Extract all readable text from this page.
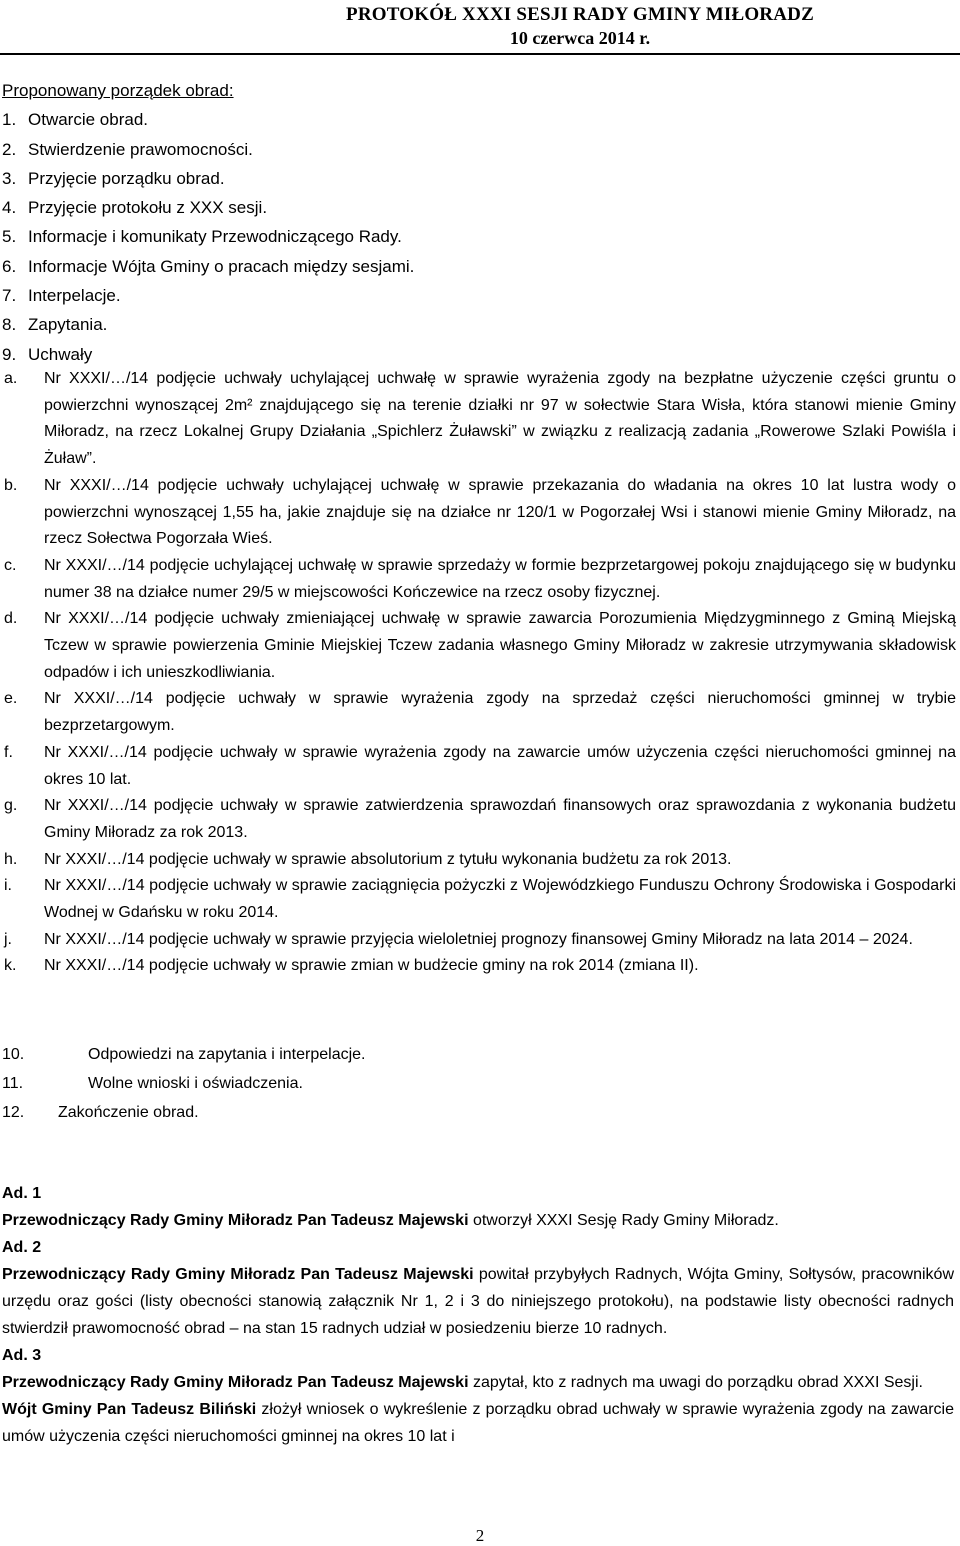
PROTOKÓŁ XXXI SESJI RADY GMINY MIŁORADZ
10 czerwca 2014 r.
Proponowany porządek obrad:
1. Otwarcie obrad.
2. Stwierdzenie prawomocności.
3. Przyjęcie porządku obrad.
4. Przyjęcie protokołu z XXX sesji.
5. Informacje i komunikaty Przewodniczącego Rady.
6. Informacje Wójta Gminy o pracach między sesjami.
7. Interpelacje.
8. Zapytania.
9. Uchwały
a.	Nr XXXI/…/14 podjęcie uchwały uchylającej uchwałę w sprawie wyrażenia zgody na bezpłatne użyczenie części gruntu o powierzchni wynoszącej 2m² znajdującego się na terenie działki nr 97 w sołectwie Stara Wisła, która stanowi mienie Gminy Miłoradz, na rzecz Lokalnej Grupy Działania „Spichlerz Żuławski” w związku z realizacją zadania „Rowerowe Szlaki Powiśla i Żuław”.
b.	Nr XXXI/…/14 podjęcie uchwały uchylającej uchwałę w sprawie przekazania do władania na okres 10 lat lustra wody o powierzchni wynoszącej 1,55 ha, jakie znajduje się na działce nr 120/1 w Pogorzałej Wsi i stanowi mienie Gminy Miłoradz, na rzecz Sołectwa Pogorzała Wieś.
c.	Nr XXXI/…/14 podjęcie uchylającej uchwałę w sprawie sprzedaży w formie bezprzetargowej pokoju znajdującego się w budynku numer 38 na działce numer 29/5 w miejscowości Kończewice na rzecz osoby fizycznej.
d.	Nr XXXI/…/14 podjęcie uchwały zmieniającej uchwałę w sprawie zawarcia Porozumienia Międzygminnego z Gminą Miejską Tczew w sprawie powierzenia Gminie Miejskiej Tczew zadania własnego Gminy Miłoradz w zakresie utrzymywania składowisk odpadów i ich unieszkodliwiania.
e.	Nr XXXI/…/14 podjęcie uchwały w sprawie wyrażenia zgody na sprzedaż części nieruchomości gminnej w trybie bezprzetargowym.
f.	Nr XXXI/…/14 podjęcie uchwały w sprawie wyrażenia zgody na zawarcie umów użyczenia części nieruchomości gminnej na okres 10 lat.
g.	Nr XXXI/…/14 podjęcie uchwały w sprawie zatwierdzenia sprawozdań finansowych oraz sprawozdania z wykonania budżetu Gminy Miłoradz za rok 2013.
h.	Nr XXXI/…/14 podjęcie uchwały w sprawie absolutorium z tytułu wykonania budżetu za rok 2013.
i.	Nr XXXI/…/14 podjęcie uchwały w sprawie zaciągnięcia pożyczki z Wojewódzkiego Funduszu Ochrony Środowiska i Gospodarki Wodnej w Gdańsku w roku 2014.
j.	Nr XXXI/…/14 podjęcie uchwały w sprawie przyjęcia wieloletniej prognozy finansowej Gminy Miłoradz na lata 2014 – 2024.
k.	Nr XXXI/…/14 podjęcie uchwały w sprawie zmian w budżecie gminy na rok 2014 (zmiana II).
10.	Odpowiedzi na zapytania i interpelacje.
11.	Wolne wnioski i oświadczenia.
12.	Zakończenie obrad.
Ad. 1

Przewodniczący Rady Gminy Miłoradz Pan Tadeusz Majewski otworzył XXXI Sesję Rady Gminy Miłoradz.

Ad. 2

Przewodniczący Rady Gminy Miłoradz Pan Tadeusz Majewski powitał przybyłych Radnych, Wójta Gminy, Sołtysów, pracowników urzędu oraz gości (listy obecności stanowią załącznik Nr 1, 2 i 3 do niniejszego protokołu), na podstawie listy obecności radnych stwierdził prawomocność obrad – na stan 15 radnych udział w posiedzeniu bierze 10 radnych.

Ad. 3

Przewodniczący Rady Gminy Miłoradz Pan Tadeusz Majewski zapytał, kto z radnych ma uwagi do porządku obrad XXXI Sesji.

Wójt Gminy Pan Tadeusz Biliński złożył wniosek o wykreślenie z porządku obrad uchwały w sprawie wyrażenia zgody na zawarcie umów użyczenia części nieruchomości gminnej na okres 10 lat i

2
